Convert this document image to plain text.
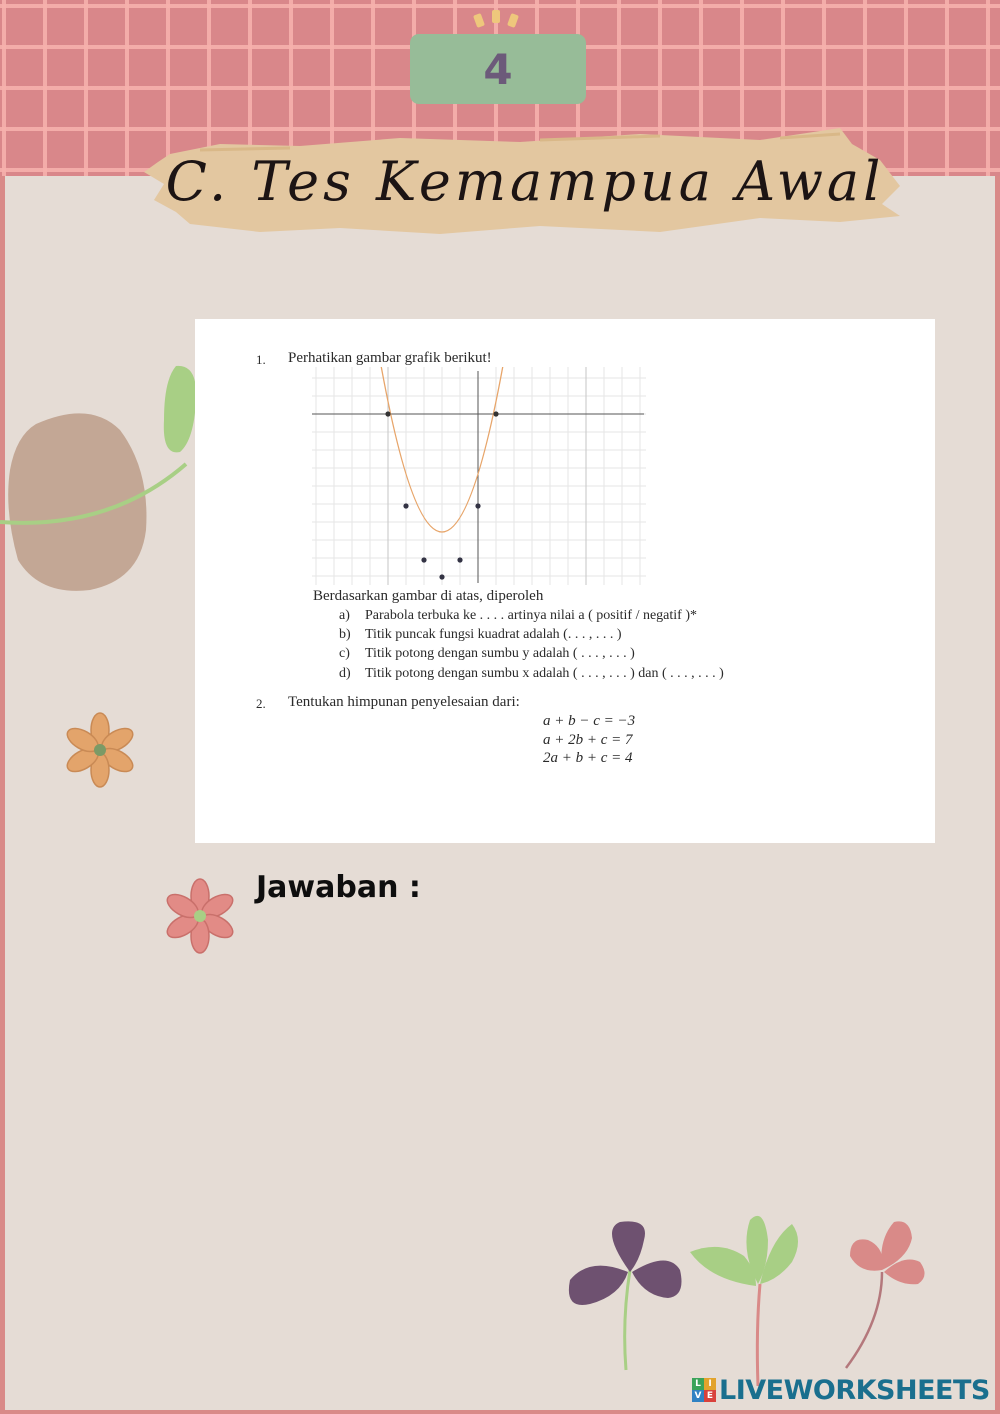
4
C. Tes Kemampua Awal
1. Perhatikan gambar grafik berikut!
Berdasarkan gambar di atas, diperoleh
a) Parabola terbuka ke . . . . artinya nilai a ( positif / negatif )*
b) Titik puncak fungsi kuadrat adalah (. . . , . . . )
c) Titik potong dengan sumbu y adalah ( . . . , . . . )
d) Titik potong dengan sumbu x adalah ( . . . , . . . ) dan ( . . . , . . . )
2. Tentukan himpunan penyelesaian dari:
a + b − c = −3
a + 2b + c = 7
2a + b + c = 4
Jawaban :
L I
V E LIVEWORKSHEETS
